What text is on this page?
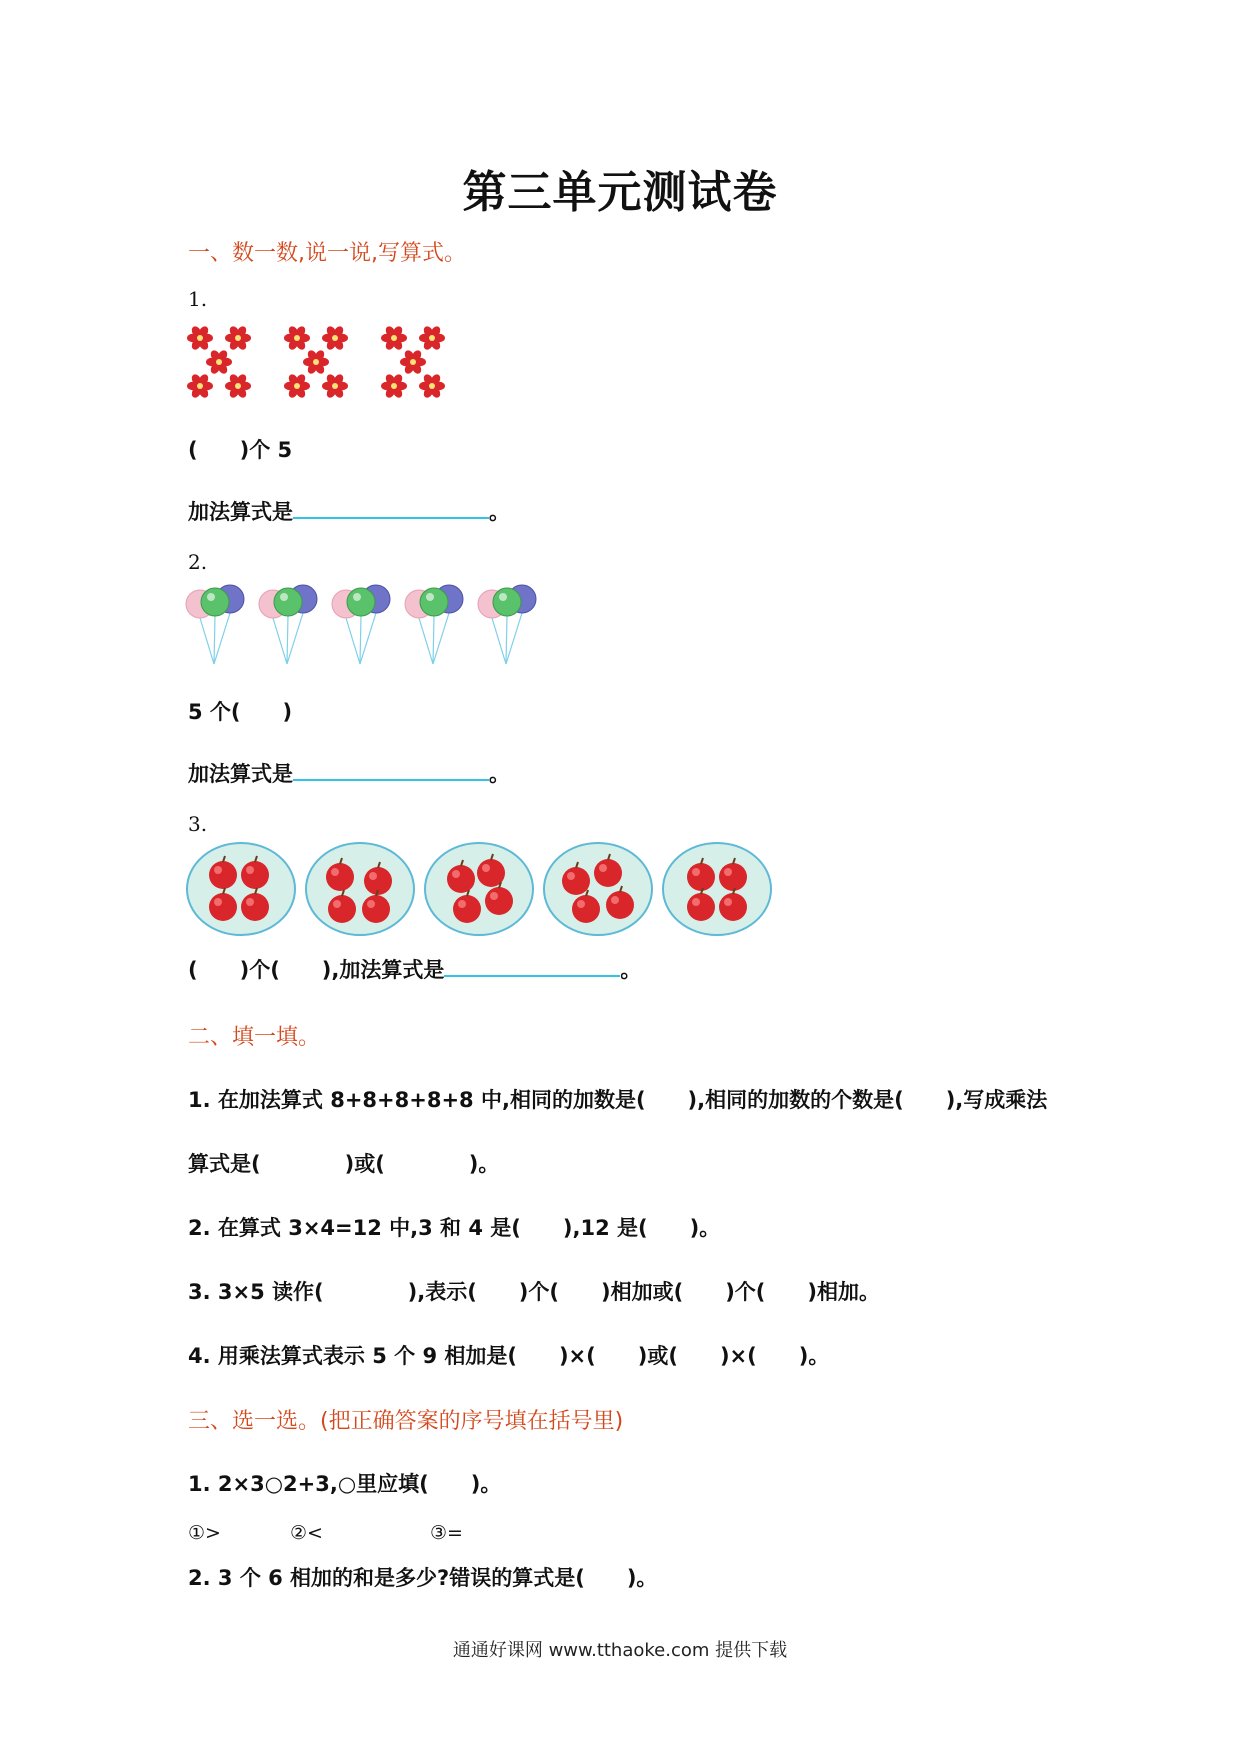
第三单元测试卷
一、数一数,说一说,写算式。
1.
(　　)个 5
加法算式是	。
2.
5 个(　　)
加法算式是	。
3.
(　　)个(　　),加法算式是	。
二、填一填。
1. 在加法算式 8+8+8+8+8 中,相同的加数是(　　),相同的加数的个数是(　　),写成乘法
算式是(　　　　)或(　　　　)。
2. 在算式 3×4=12 中,3 和 4 是(　　),12 是(　　)。
3. 3×5 读作(　　　　),表示(　　)个(　　)相加或(　　)个(　　)相加。
4. 用乘法算式表示 5 个 9 相加是(　　)×(　　)或(　　)×(　　)。
三、选一选。(把正确答案的序号填在括号里)
1. 2×3○2+3,○里应填(　　)。
①>	②<	③=
2. 3 个 6 相加的和是多少?错误的算式是(　　)。
通通好课网 www.tthaoke.com 提供下载
